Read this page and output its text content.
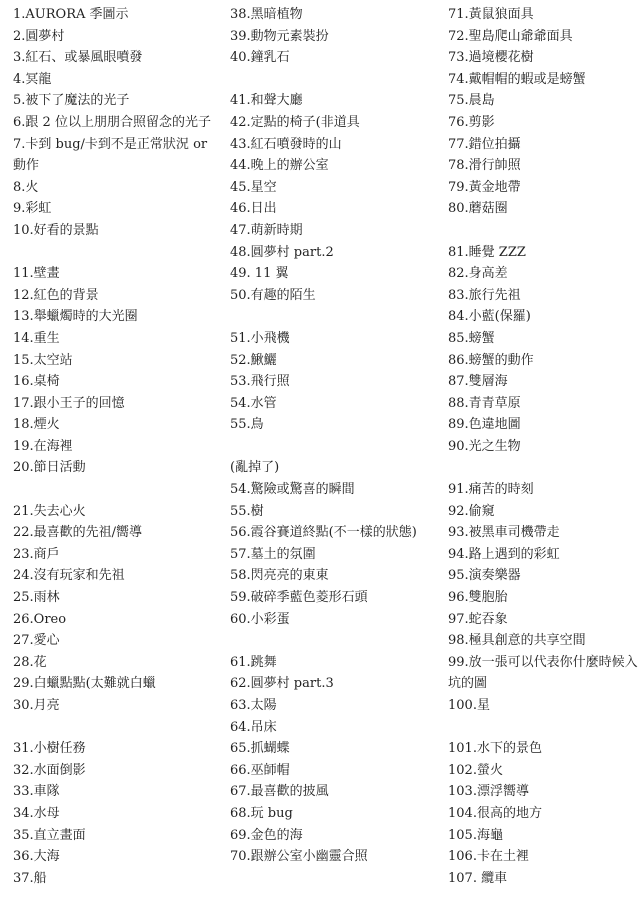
1.AURORA 季圖示
2.圓夢村
3.紅石、或暴風眼噴發
4.冥龍
5.被下了魔法的光子
6.跟 2 位以上朋朋合照留念的光子
7.卡到 bug/卡到不是正常狀況 or 動作
8.火
9.彩虹
10.好看的景點
11.壁畫
12.紅色的背景
13.舉蠟燭時的大光圈
14.重生
15.太空站
16.桌椅
17.跟小王子的回憶
18.煙火
19.在海裡
20.節日活動
21.失去心火
22.最喜歡的先祖/嚮導
23.商戶
24.沒有玩家和先祖
25.雨林
26.Oreo
27.愛心
28.花
29.白蠟點點(太難就白蠟
30.月亮
31.小樹任務
32.水面倒影
33.車隊
34.水母
35.直立畫面
36.大海
37.船
38.黑暗植物
39.動物元素裝扮
40.鐘乳石
41.和聲大廳
42.定點的椅子(非道具
43.紅石噴發時的山
44.晚上的辦公室
45.星空
46.日出
47.萌新時期
48.圓夢村 part.2
49. 11 翼
50.有趣的陌生
51.小飛機
52.鰍鱺
53.飛行照
54.水管
55.鳥
(亂掉了)
54.驚險或驚喜的瞬間
55.樹
56.霞谷賽道終點(不一樣的狀態)
57.墓土的氛圍
58.閃亮亮的東東
59.破碎季藍色菱形石頭
60.小彩蛋
61.跳舞
62.圓夢村 part.3
63.太陽
64.吊床
65.抓蝴蝶
66.巫師帽
67.最喜歡的披風
68.玩 bug
69.金色的海
70.跟辦公室小幽靈合照
71.黃鼠狼面具
72.聖島爬山爺爺面具
73.過境櫻花樹
74.戴帽帽的蝦或是螃蟹
75.晨島
76.剪影
77.錯位拍攝
78.滑行帥照
79.黃金地帶
80.蘑菇圈
81.睡覺 ZZZ
82.身高差
83.旅行先祖
84.小藍(保羅)
85.螃蟹
86.螃蟹的動作
87.雙層海
88.青青草原
89.色違地圖
90.光之生物
91.痛苦的時刻
92.偷窺
93.被黑車司機帶走
94.路上遇到的彩虹
95.演奏樂器
96.雙胞胎
97.蛇吞象
98.極具創意的共享空間
99.放一張可以代表你什麼時候入坑的圖
100.星
101.水下的景色
102.螢火
103.漂浮嚮導
104.很高的地方
105.海龜
106.卡在土裡
107. 纜車
